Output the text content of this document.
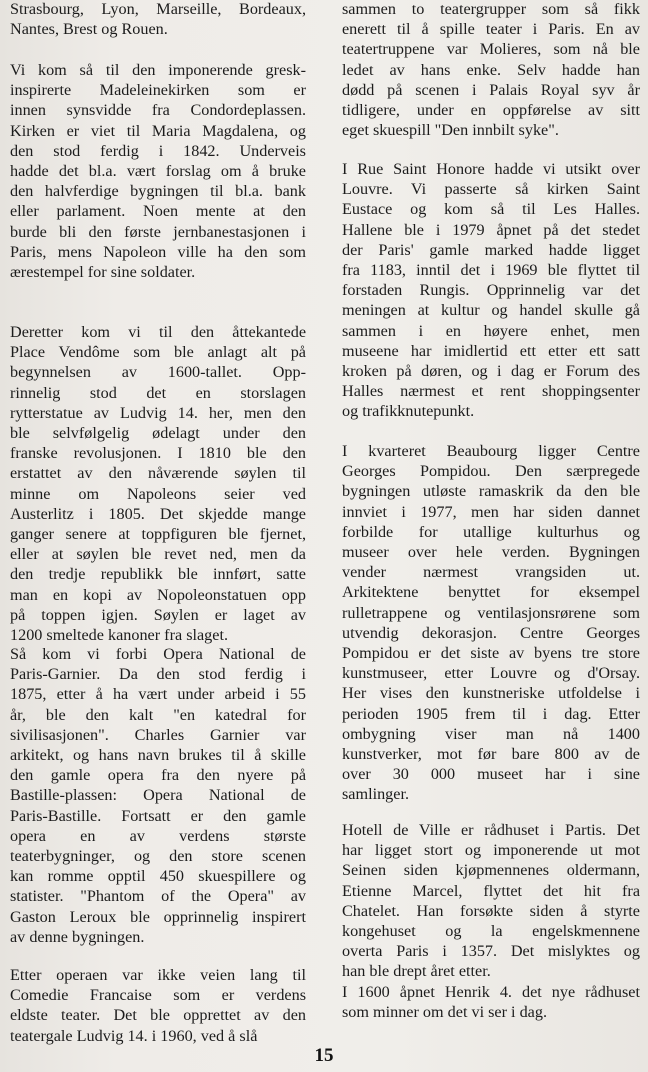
Strasbourg, Lyon, Marseille, Bordeaux,
Nantes, Brest og Rouen.

Vi kom så til den imponerende gresk-
inspirerte Madeleinekirken som er
innen synsvidde fra Condordeplassen.
Kirken er viet til Maria Magdalena, og
den stod ferdig i 1842. Underveis
hadde det bl.a. vært forslag om å bruke
den halvferdige bygningen til bl.a. bank
eller parlament. Noen mente at den
burde bli den første jernbanestasjonen i
Paris, mens Napoleon ville ha den som
ærestempel for sine soldater.

Deretter kom vi til den åttekantede
Place Vendôme som ble anlagt alt på
begynnelsen av 1600-tallet. Opp-
rinnelig stod det en storslagen
rytterstatue av Ludvig 14. her, men den
ble selvfølgelig ødelagt under den
franske revolusjonen. I 1810 ble den
erstattet av den nåværende søylen til
minne om Napoleons seier ved
Austerlitz i 1805. Det skjedde mange
ganger senere at toppfiguren ble fjernet,
eller at søylen ble revet ned, men da
den tredje republikk ble innført, satte
man en kopi av Nopoleonstatuen opp
på toppen igjen. Søylen er laget av
1200 smeltede kanoner fra slaget.

Så kom vi forbi Opera National de
Paris-Garnier. Da den stod ferdig i
1875, etter å ha vært under arbeid i 55
år, ble den kalt "en katedral for
sivilisasjonen". Charles Garnier var
arkitekt, og hans navn brukes til å skille
den gamle opera fra den nyere på
Bastille-plassen: Opera National de
Paris-Bastille. Fortsatt er den gamle
opera en av verdens største
teaterbygninger, og den store scenen
kan romme opptil 450 skuespillere og
statister. "Phantom of the Opera" av
Gaston Leroux ble opprinnelig inspirert
av denne bygningen.

Etter operaen var ikke veien lang til
Comedie Francaise som er verdens
eldste teater. Det ble opprettet av den
teatergale Ludvig 14. i 1960, ved å slå

sammen to teatergrupper som så fikk
enerett til å spille teater i Paris. En av
teatertruppene var Molieres, som nå ble
ledet av hans enke. Selv hadde han
dødd på scenen i Palais Royal syv år
tidligere, under en oppførelse av sitt
eget skuespill "Den innbilt syke".

I Rue Saint Honore hadde vi utsikt over
Louvre. Vi passerte så kirken Saint
Eustace og kom så til Les Halles.
Hallene ble i 1979 åpnet på det stedet
der Paris' gamle marked hadde ligget
fra 1183, inntil det i 1969 ble flyttet til
forstaden Rungis. Opprinnelig var det
meningen at kultur og handel skulle gå
sammen i en høyere enhet, men
museene har imidlertid ett etter ett satt
kroken på døren, og i dag er Forum des
Halles nærmest et rent shoppingsenter
og trafikknutepunkt.

I kvarteret Beaubourg ligger Centre
Georges Pompidou. Den særpregede
bygningen utløste ramaskrik da den ble
innviet i 1977, men har siden dannet
forbilde for utallige kulturhus og
museer over hele verden. Bygningen
vender nærmest vrangsiden ut.
Arkitektene benyttet for eksempel
rulletrappene og ventilasjonsrørene som
utvendig dekorasjon. Centre Georges
Pompidou er det siste av byens tre store
kunstmuseer, etter Louvre og d'Orsay.
Her vises den kunstneriske utfoldelse i
perioden 1905 frem til i dag. Etter
ombygning viser man nå 1400
kunstverker, mot før bare 800 av de
over 30 000 museet har i sine
samlinger.

Hotell de Ville er rådhuset i Partis. Det
har ligget stort og imponerende ut mot
Seinen siden kjøpmennenes oldermann,
Etienne Marcel, flyttet det hit fra
Chatelet. Han forsøkte siden å styrte
kongehuset og la engelskmennene
overta Paris i 1357. Det mislyktes og
han ble drept året etter.

I 1600 åpnet Henrik 4. det nye rådhuset
som minner om det vi ser i dag.

15
